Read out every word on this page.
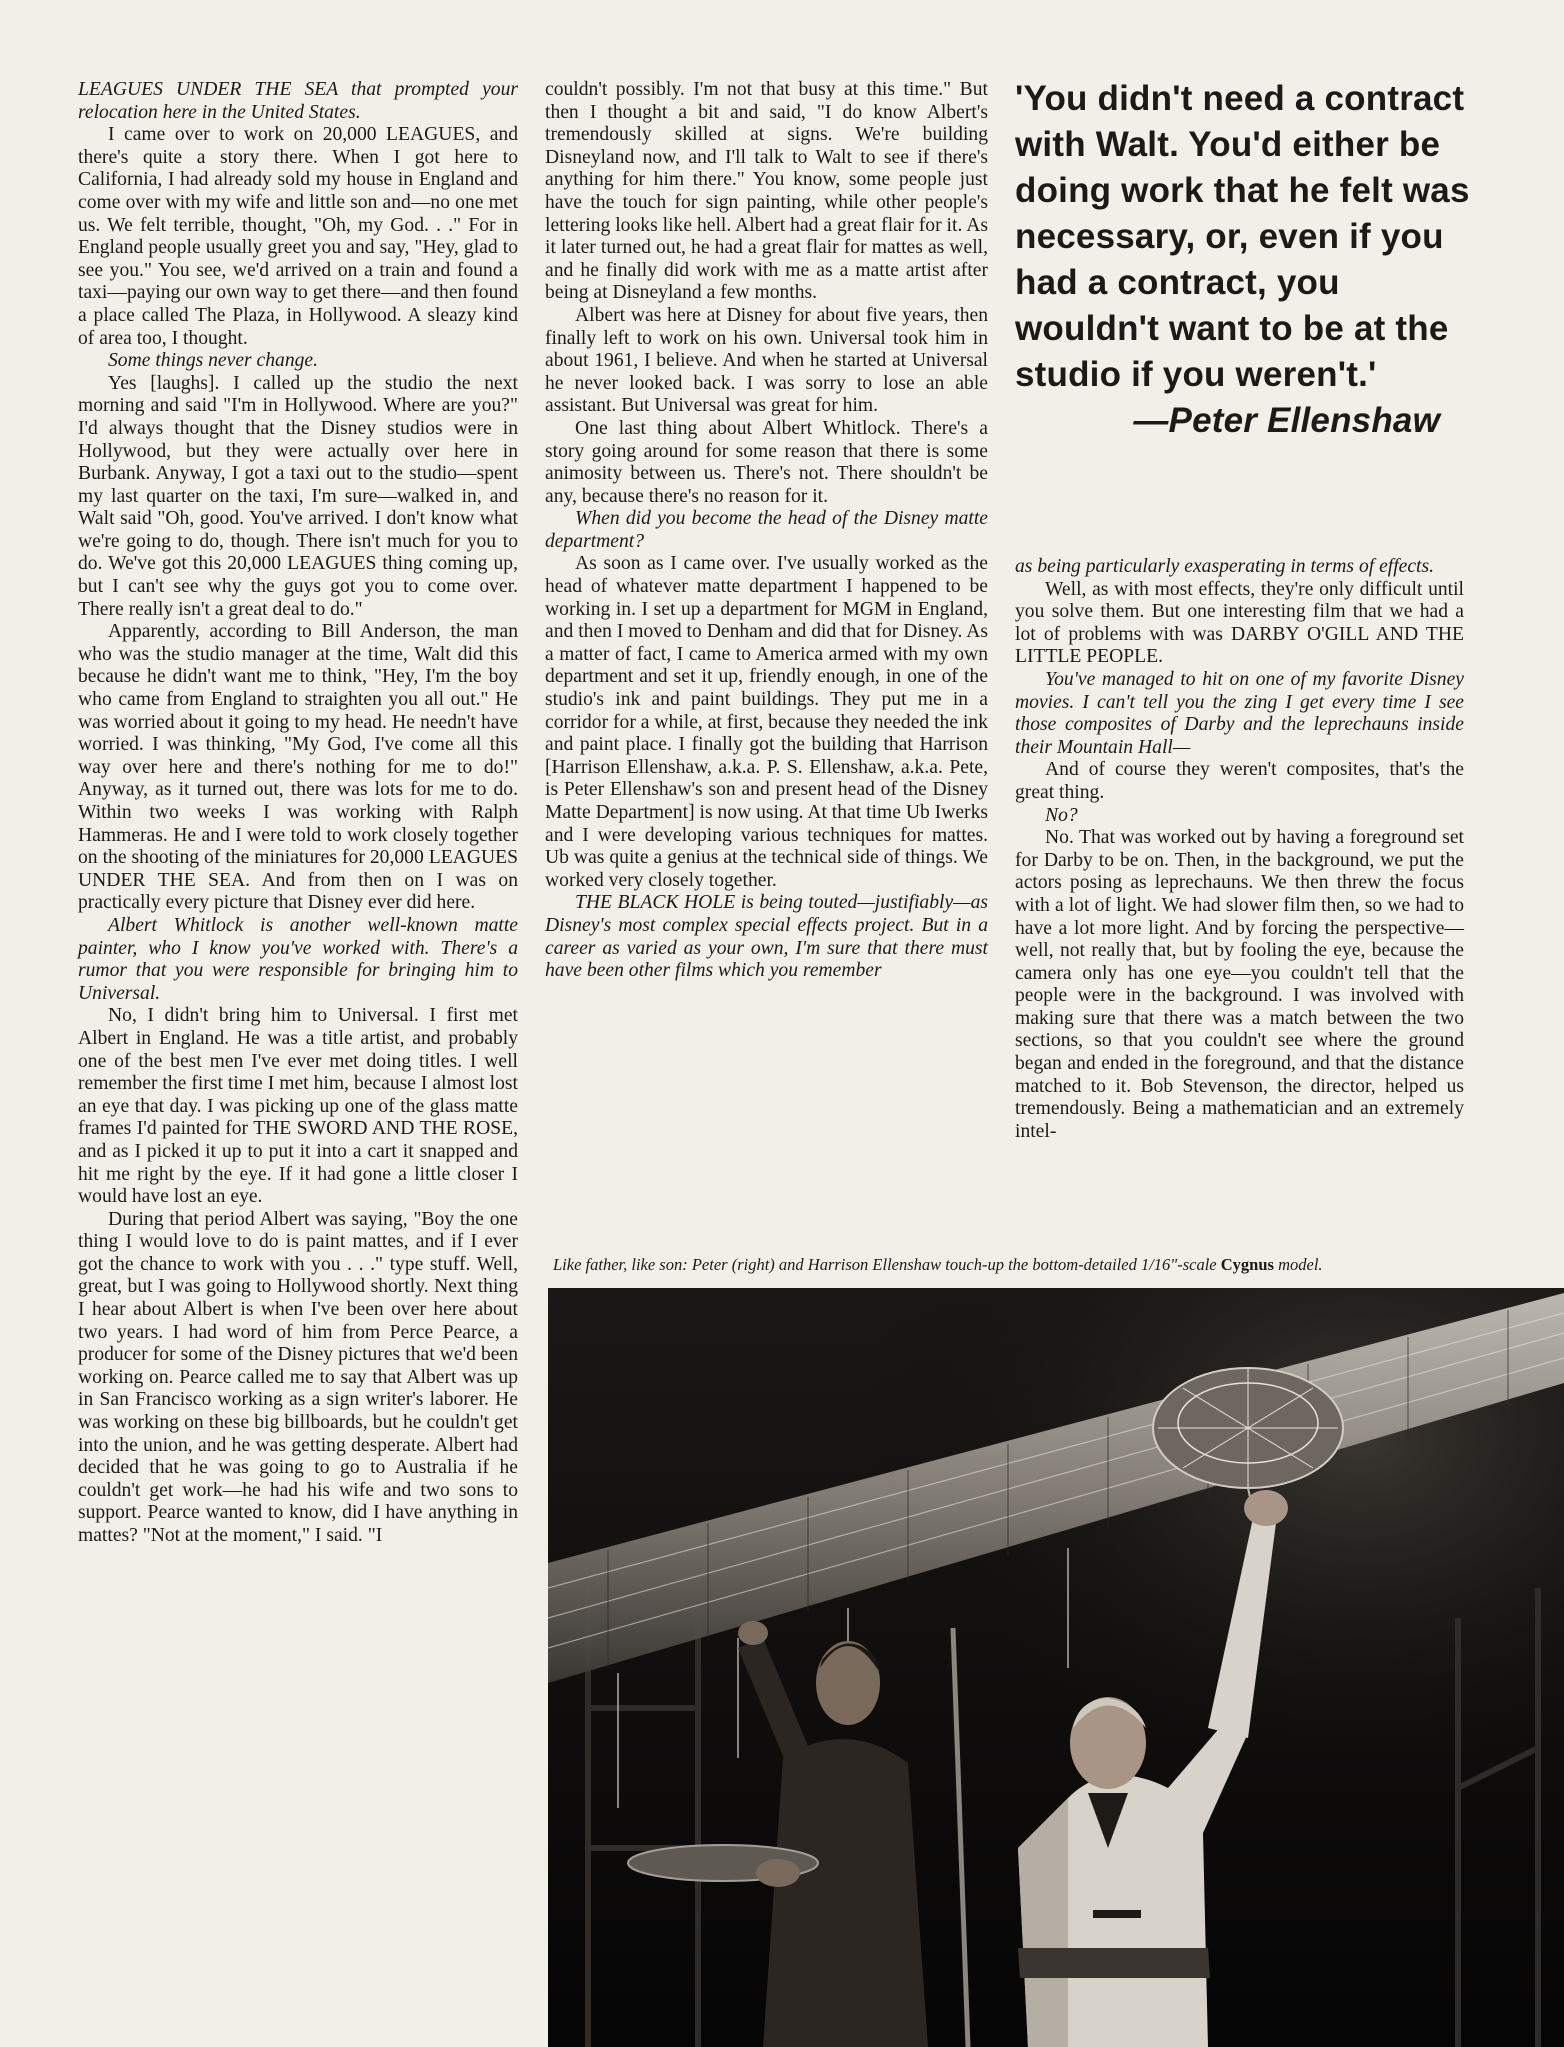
LEAGUES UNDER THE SEA that prompted your relocation here in the United States.

I came over to work on 20,000 LEAGUES, and there's quite a story there. When I got here to California, I had already sold my house in England and come over with my wife and little son and—no one met us. We felt terrible, thought, "Oh, my God. . ." For in England people usually greet you and say, "Hey, glad to see you." You see, we'd arrived on a train and found a taxi—paying our own way to get there—and then found a place called The Plaza, in Hollywood. A sleazy kind of area too, I thought.

Some things never change.

Yes [laughs]. I called up the studio the next morning and said "I'm in Hollywood. Where are you?" I'd always thought that the Disney studios were in Hollywood, but they were actually over here in Burbank. Anyway, I got a taxi out to the studio—spent my last quarter on the taxi, I'm sure—walked in, and Walt said "Oh, good. You've arrived. I don't know what we're going to do, though. There isn't much for you to do. We've got this 20,000 LEAGUES thing coming up, but I can't see why the guys got you to come over. There really isn't a great deal to do."

Apparently, according to Bill Anderson, the man who was the studio manager at the time, Walt did this because he didn't want me to think, "Hey, I'm the boy who came from England to straighten you all out." He was worried about it going to my head. He needn't have worried. I was thinking, "My God, I've come all this way over here and there's nothing for me to do!" Anyway, as it turned out, there was lots for me to do. Within two weeks I was working with Ralph Hammeras. He and I were told to work closely together on the shooting of the miniatures for 20,000 LEAGUES UNDER THE SEA. And from then on I was on practically every picture that Disney ever did here.

Albert Whitlock is another well-known matte painter, who I know you've worked with. There's a rumor that you were responsible for bringing him to Universal.

No, I didn't bring him to Universal. I first met Albert in England. He was a title artist, and probably one of the best men I've ever met doing titles. I well remember the first time I met him, because I almost lost an eye that day. I was picking up one of the glass matte frames I'd painted for THE SWORD AND THE ROSE, and as I picked it up to put it into a cart it snapped and hit me right by the eye. If it had gone a little closer I would have lost an eye.

During that period Albert was saying, "Boy the one thing I would love to do is paint mattes, and if I ever got the chance to work with you . . ." type stuff. Well, great, but I was going to Hollywood shortly. Next thing I hear about Albert is when I've been over here about two years. I had word of him from Perce Pearce, a producer for some of the Disney pictures that we'd been working on. Pearce called me to say that Albert was up in San Francisco working as a sign writer's laborer. He was working on these big billboards, but he couldn't get into the union, and he was getting desperate. Albert had decided that he was going to go to Australia if he couldn't get work—he had his wife and two sons to support. Pearce wanted to know, did I have anything in mattes? "Not at the moment," I said. "I

couldn't possibly. I'm not that busy at this time." But then I thought a bit and said, "I do know Albert's tremendously skilled at signs. We're building Disneyland now, and I'll talk to Walt to see if there's anything for him there." You know, some people just have the touch for sign painting, while other people's lettering looks like hell. Albert had a great flair for it. As it later turned out, he had a great flair for mattes as well, and he finally did work with me as a matte artist after being at Disneyland a few months.

Albert was here at Disney for about five years, then finally left to work on his own. Universal took him in about 1961, I believe. And when he started at Universal he never looked back. I was sorry to lose an able assistant. But Universal was great for him.

One last thing about Albert Whitlock. There's a story going around for some reason that there is some animosity between us. There's not. There shouldn't be any, because there's no reason for it.

When did you become the head of the Disney matte department?

As soon as I came over. I've usually worked as the head of whatever matte department I happened to be working in. I set up a department for MGM in England, and then I moved to Denham and did that for Disney. As a matter of fact, I came to America armed with my own department and set it up, friendly enough, in one of the studio's ink and paint buildings. They put me in a corridor for a while, at first, because they needed the ink and paint place. I finally got the building that Harrison [Harrison Ellenshaw, a.k.a. P. S. Ellenshaw, a.k.a. Pete, is Peter Ellenshaw's son and present head of the Disney Matte Department] is now using. At that time Ub Iwerks and I were developing various techniques for mattes. Ub was quite a genius at the technical side of things. We worked very closely together.

THE BLACK HOLE is being touted—justifiably—as Disney's most complex special effects project. But in a career as varied as your own, I'm sure that there must have been other films which you remember

'You didn't need a contract with Walt. You'd either be doing work that he felt was necessary, or, even if you had a contract, you wouldn't want to be at the studio if you weren't.'
—Peter Ellenshaw

as being particularly exasperating in terms of effects.

Well, as with most effects, they're only difficult until you solve them. But one interesting film that we had a lot of problems with was DARBY O'GILL AND THE LITTLE PEOPLE.

You've managed to hit on one of my favorite Disney movies. I can't tell you the zing I get every time I see those composites of Darby and the leprechauns inside their Mountain Hall—

And of course they weren't composites, that's the great thing.

No?

No. That was worked out by having a foreground set for Darby to be on. Then, in the background, we put the actors posing as leprechauns. We then threw the focus with a lot of light. We had slower film then, so we had to have a lot more light. And by forcing the perspective—well, not really that, but by fooling the eye, because the camera only has one eye—you couldn't tell that the people were in the background. I was involved with making sure that there was a match between the two sections, so that you couldn't see where the ground began and ended in the foreground, and that the distance matched to it. Bob Stevenson, the director, helped us tremendously. Being a mathematician and an extremely intel-

Like father, like son: Peter (right) and Harrison Ellenshaw touch-up the bottom-detailed 1/16"-scale Cygnus model.
